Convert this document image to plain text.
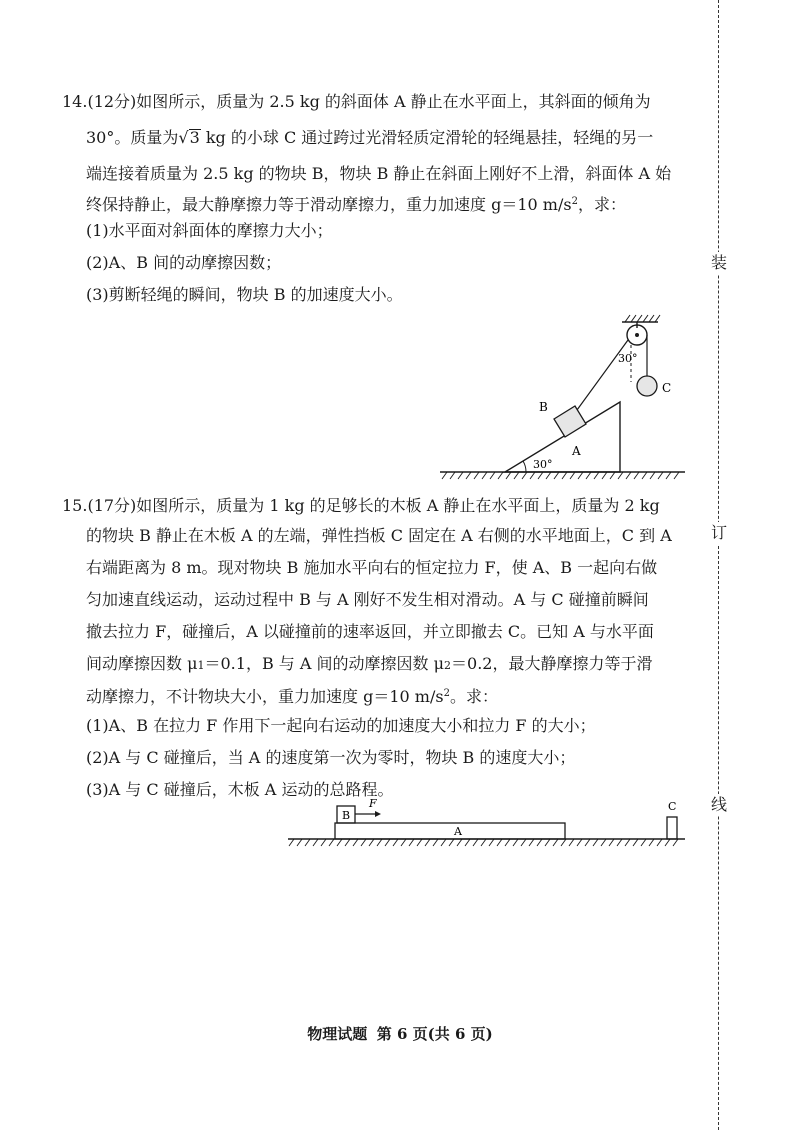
装
订
线
14.(12分)如图所示，质量为 2.5 kg 的斜面体 A 静止在水平面上，其斜面的倾角为
30°。质量为√3 kg 的小球 C 通过跨过光滑轻质定滑轮的轻绳悬挂，轻绳的另一
端连接着质量为 2.5 kg 的物块 B，物块 B 静止在斜面上刚好不上滑，斜面体 A 始
终保持静止，最大静摩擦力等于滑动摩擦力，重力加速度 g＝10 $m/s^2$，求：
(1)水平面对斜面体的摩擦力大小；
(2)A、B 间的动摩擦因数；
(3)剪断轻绳的瞬间，物块 B 的加速度大小。
C
30°
30°
A
B
15.(17分)如图所示，质量为 1 kg 的足够长的木板 A 静止在水平面上，质量为 2 kg
的物块 B 静止在木板 A 的左端，弹性挡板 C 固定在 A 右侧的水平地面上，C 到 A
右端距离为 8 m。现对物块 B 施加水平向右的恒定拉力 F，使 A、B 一起向右做
匀加速直线运动，运动过程中 B 与 A 刚好不发生相对滑动。A 与 C 碰撞前瞬间
撤去拉力 F，碰撞后，A 以碰撞前的速率返回，并立即撤去 C。已知 A 与水平面
间动摩擦因数 μ1＝0.1，B 与 A 间的动摩擦因数 μ2＝0.2，最大静摩擦力等于滑
动摩擦力，不计物块大小，重力加速度 g＝10 $m/s^2$。求：
(1)A、B 在拉力 F 作用下一起向右运动的加速度大小和拉力 F 的大小；
(2)A 与 C 碰撞后，当 A 的速度第一次为零时，物块 B 的速度大小；
(3)A 与 C 碰撞后，木板 A 运动的总路程。
A
B
F	C
物理试题 第 6 页(共 6 页)
